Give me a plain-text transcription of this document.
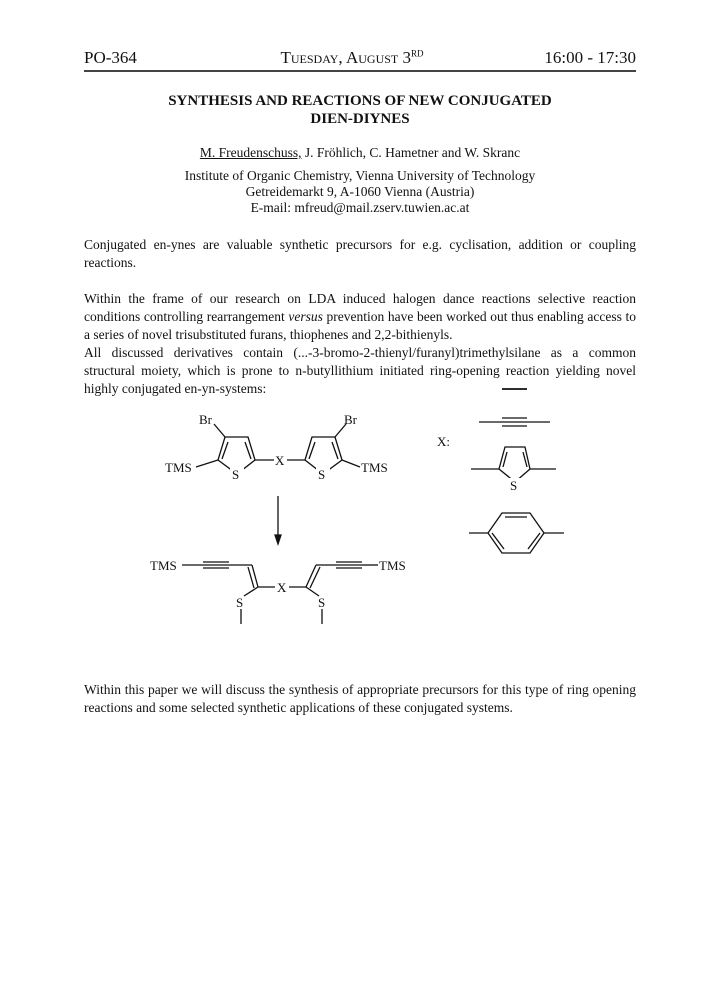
PO-364	Tuesday, August 3RD	16:00 - 17:30
SYNTHESIS AND REACTIONS OF NEW CONJUGATED
DIEN-DIYNES
M. Freudenschuss, J. Fröhlich, C. Hametner and W. Skranc
Institute of Organic Chemistry, Vienna University of Technology
Getreidemarkt 9, A-1060 Vienna (Austria)
E-mail: mfreud@mail.zserv.tuwien.ac.at
Conjugated en-ynes are valuable synthetic precursors for e.g. cyclisation, addition or coupling reactions.
Within the frame of our research on LDA induced halogen dance reactions selective reaction conditions controlling rearrangement versus prevention have been worked out thus enabling access to a series of novel trisubstituted furans, thiophenes and 2,2-bithienyls.
All discussed derivatives contain (...-3-bromo-2-thienyl/furanyl)trimethylsilane as a common structural moiety, which is prone to n-butyllithium initiated ring-opening reaction yielding novel highly conjugated en-yn-systems:
Within this paper we will discuss the synthesis of appropriate precursors for this type of ring opening reactions and some selected synthetic applications of these conjugated systems.
Br	Br
TMS	TMS
S	S
X
TMS	TMS
S	S
X
X:
S
